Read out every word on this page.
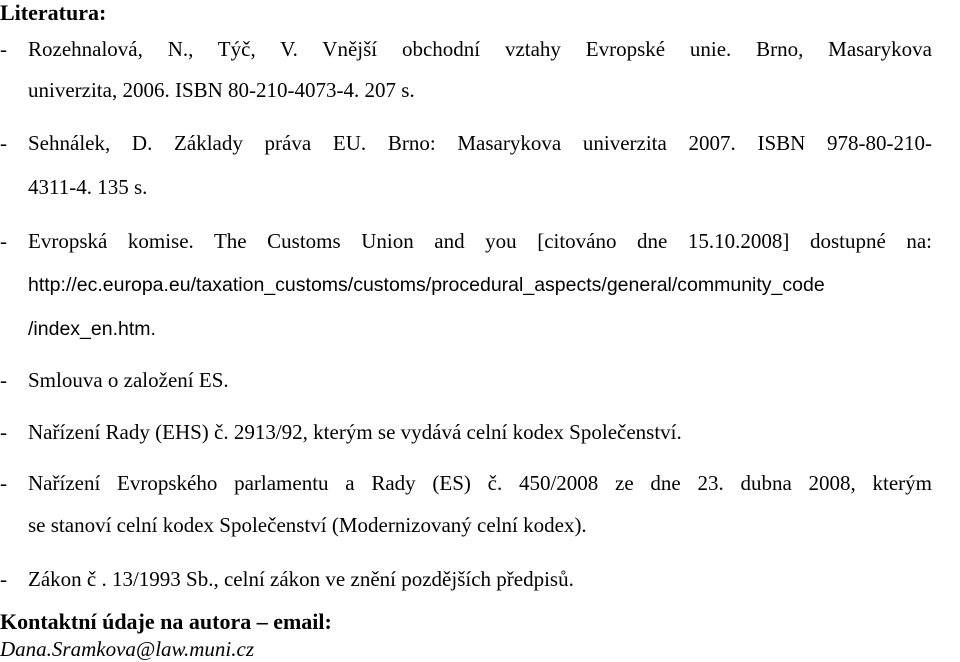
Literatura:
- Rozehnalová, N., Týč, V. Vnější obchodní vztahy Evropské unie. Brno, Masarykova
univerzita, 2006. ISBN 80-210-4073-4. 207 s.
- Sehnálek, D. Základy práva EU. Brno: Masarykova univerzita 2007. ISBN 978-80-210-
4311-4. 135 s.
- Evropská komise. The Customs Union and you [citováno dne 15.10.2008] dostupné na:
http://ec.europa.eu/taxation_customs/customs/procedural_aspects/general/community_code
/index_en.htm.
- Smlouva o založení ES.
- Nařízení Rady (EHS) č. 2913/92, kterým se vydává celní kodex Společenství.
- Nařízení Evropského parlamentu a Rady (ES) č. 450/2008 ze dne 23. dubna 2008, kterým
se stanoví celní kodex Společenství (Modernizovaný celní kodex).
- Zákon č . 13/1993 Sb., celní zákon ve znění pozdějších předpisů.
Kontaktní údaje na autora – email:
Dana.Sramkova@law.muni.cz
